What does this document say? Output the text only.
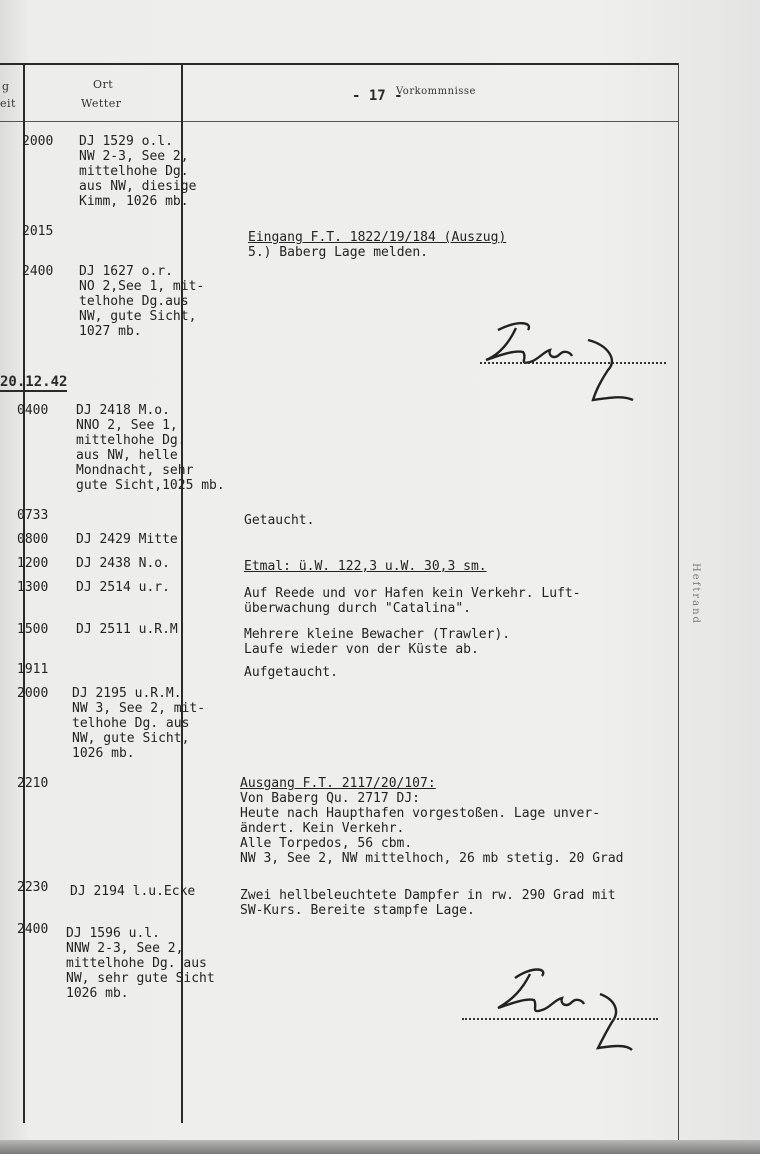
g
eit
Ort
Wetter	- 17 -
Vorkommnisse
Heftrand
2000 DJ 1529 o.l.
NW 2-3, See 2,
mittelhohe Dg.
aus NW, diesige
Kimm, 1026 mb.
2015	Eingang F.T. 1822/19/184 (Auszug)
5.) Baberg Lage melden.
2400 DJ 1627 o.r.
NO 2,See 1, mit-
telhohe Dg.aus
NW, gute Sicht,
1027 mb.
20.12.42
0400 DJ 2418 M.o.
NNO 2, See 1,
mittelhohe Dg.
aus NW, helle
Mondnacht, sehr
gute Sicht,1025 mb.
0733	Getaucht.
0800 DJ 2429 Mitte
1200 DJ 2438 N.o.	Etmal: ü.W. 122,3 u.W. 30,3 sm.
1300 DJ 2514 u.r.	Auf Reede und vor Hafen kein Verkehr. Luft-
überwachung durch "Catalina".
1500 DJ 2511 u.R.M	Mehrere kleine Bewacher (Trawler).
Laufe wieder von der Küste ab.
1911	Aufgetaucht.
2000 DJ 2195 u.R.M.
NW 3, See 2, mit-
telhohe Dg. aus
NW, gute Sicht,
1026 mb.
2210	Ausgang F.T. 2117/20/107:
Von Baberg Qu. 2717 DJ:
Heute nach Haupthafen vorgestoßen. Lage unver-
ändert. Kein Verkehr.
Alle Torpedos, 56 cbm.
NW 3, See 2, NW mittelhoch, 26 mb stetig. 20 Grad
2230 DJ 2194 l.u.Ecke	Zwei hellbeleuchtete Dampfer in rw. 290 Grad mit
SW-Kurs. Bereite stampfe Lage.
2400 DJ 1596 u.l.
NNW 2-3, See 2,
mittelhohe Dg. aus
NW, sehr gute Sicht
1026 mb.
